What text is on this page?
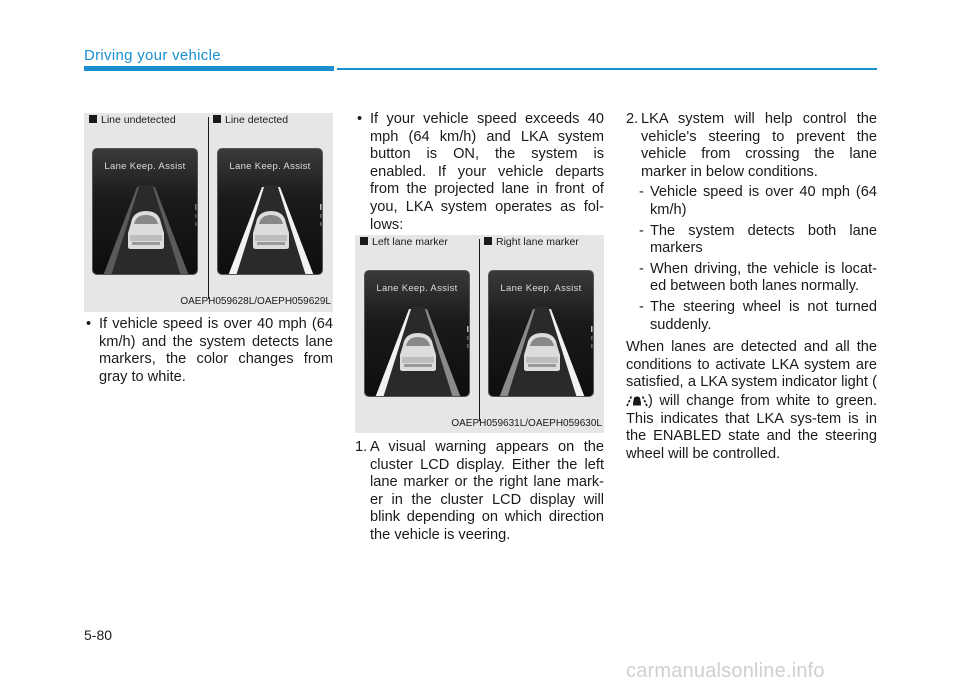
Driving your vehicle
Line undetected	Line detected
Lane Keep. Assist	Lane Keep. Assist
OAEPH059628L/OAEPH059629L
• If vehicle speed is over 40 mph (64 km/h) and the system detects lane markers, the color changes from gray to white.
• If your vehicle speed exceeds 40 mph (64 km/h) and LKA system button is ON, the system is enabled. If your vehicle departs from the projected lane in front of you, LKA system operates as fol-lows:
Left lane marker	Right lane marker
Lane Keep. Assist	Lane Keep. Assist
OAEPH059631L/OAEPH059630L
1. A visual warning appears on the cluster LCD display. Either the left lane marker or the right lane mark-er in the cluster LCD display will blink depending on which direction the vehicle is veering.
2. LKA system will help control the vehicle's steering to prevent the vehicle from crossing the lane marker in below conditions.
- Vehicle speed is over 40 mph (64 km/h)
- The system detects both lane markers
- When driving, the vehicle is locat-ed between both lanes normally.
- The steering wheel is not turned suddenly.
When lanes are detected and all the conditions to activate LKA system are satisfied, a LKA system indicator light () will change from white to green. This indicates that LKA sys-tem is in the ENABLED state and the steering wheel will be controlled.
5-80
carmanualsonline.info
